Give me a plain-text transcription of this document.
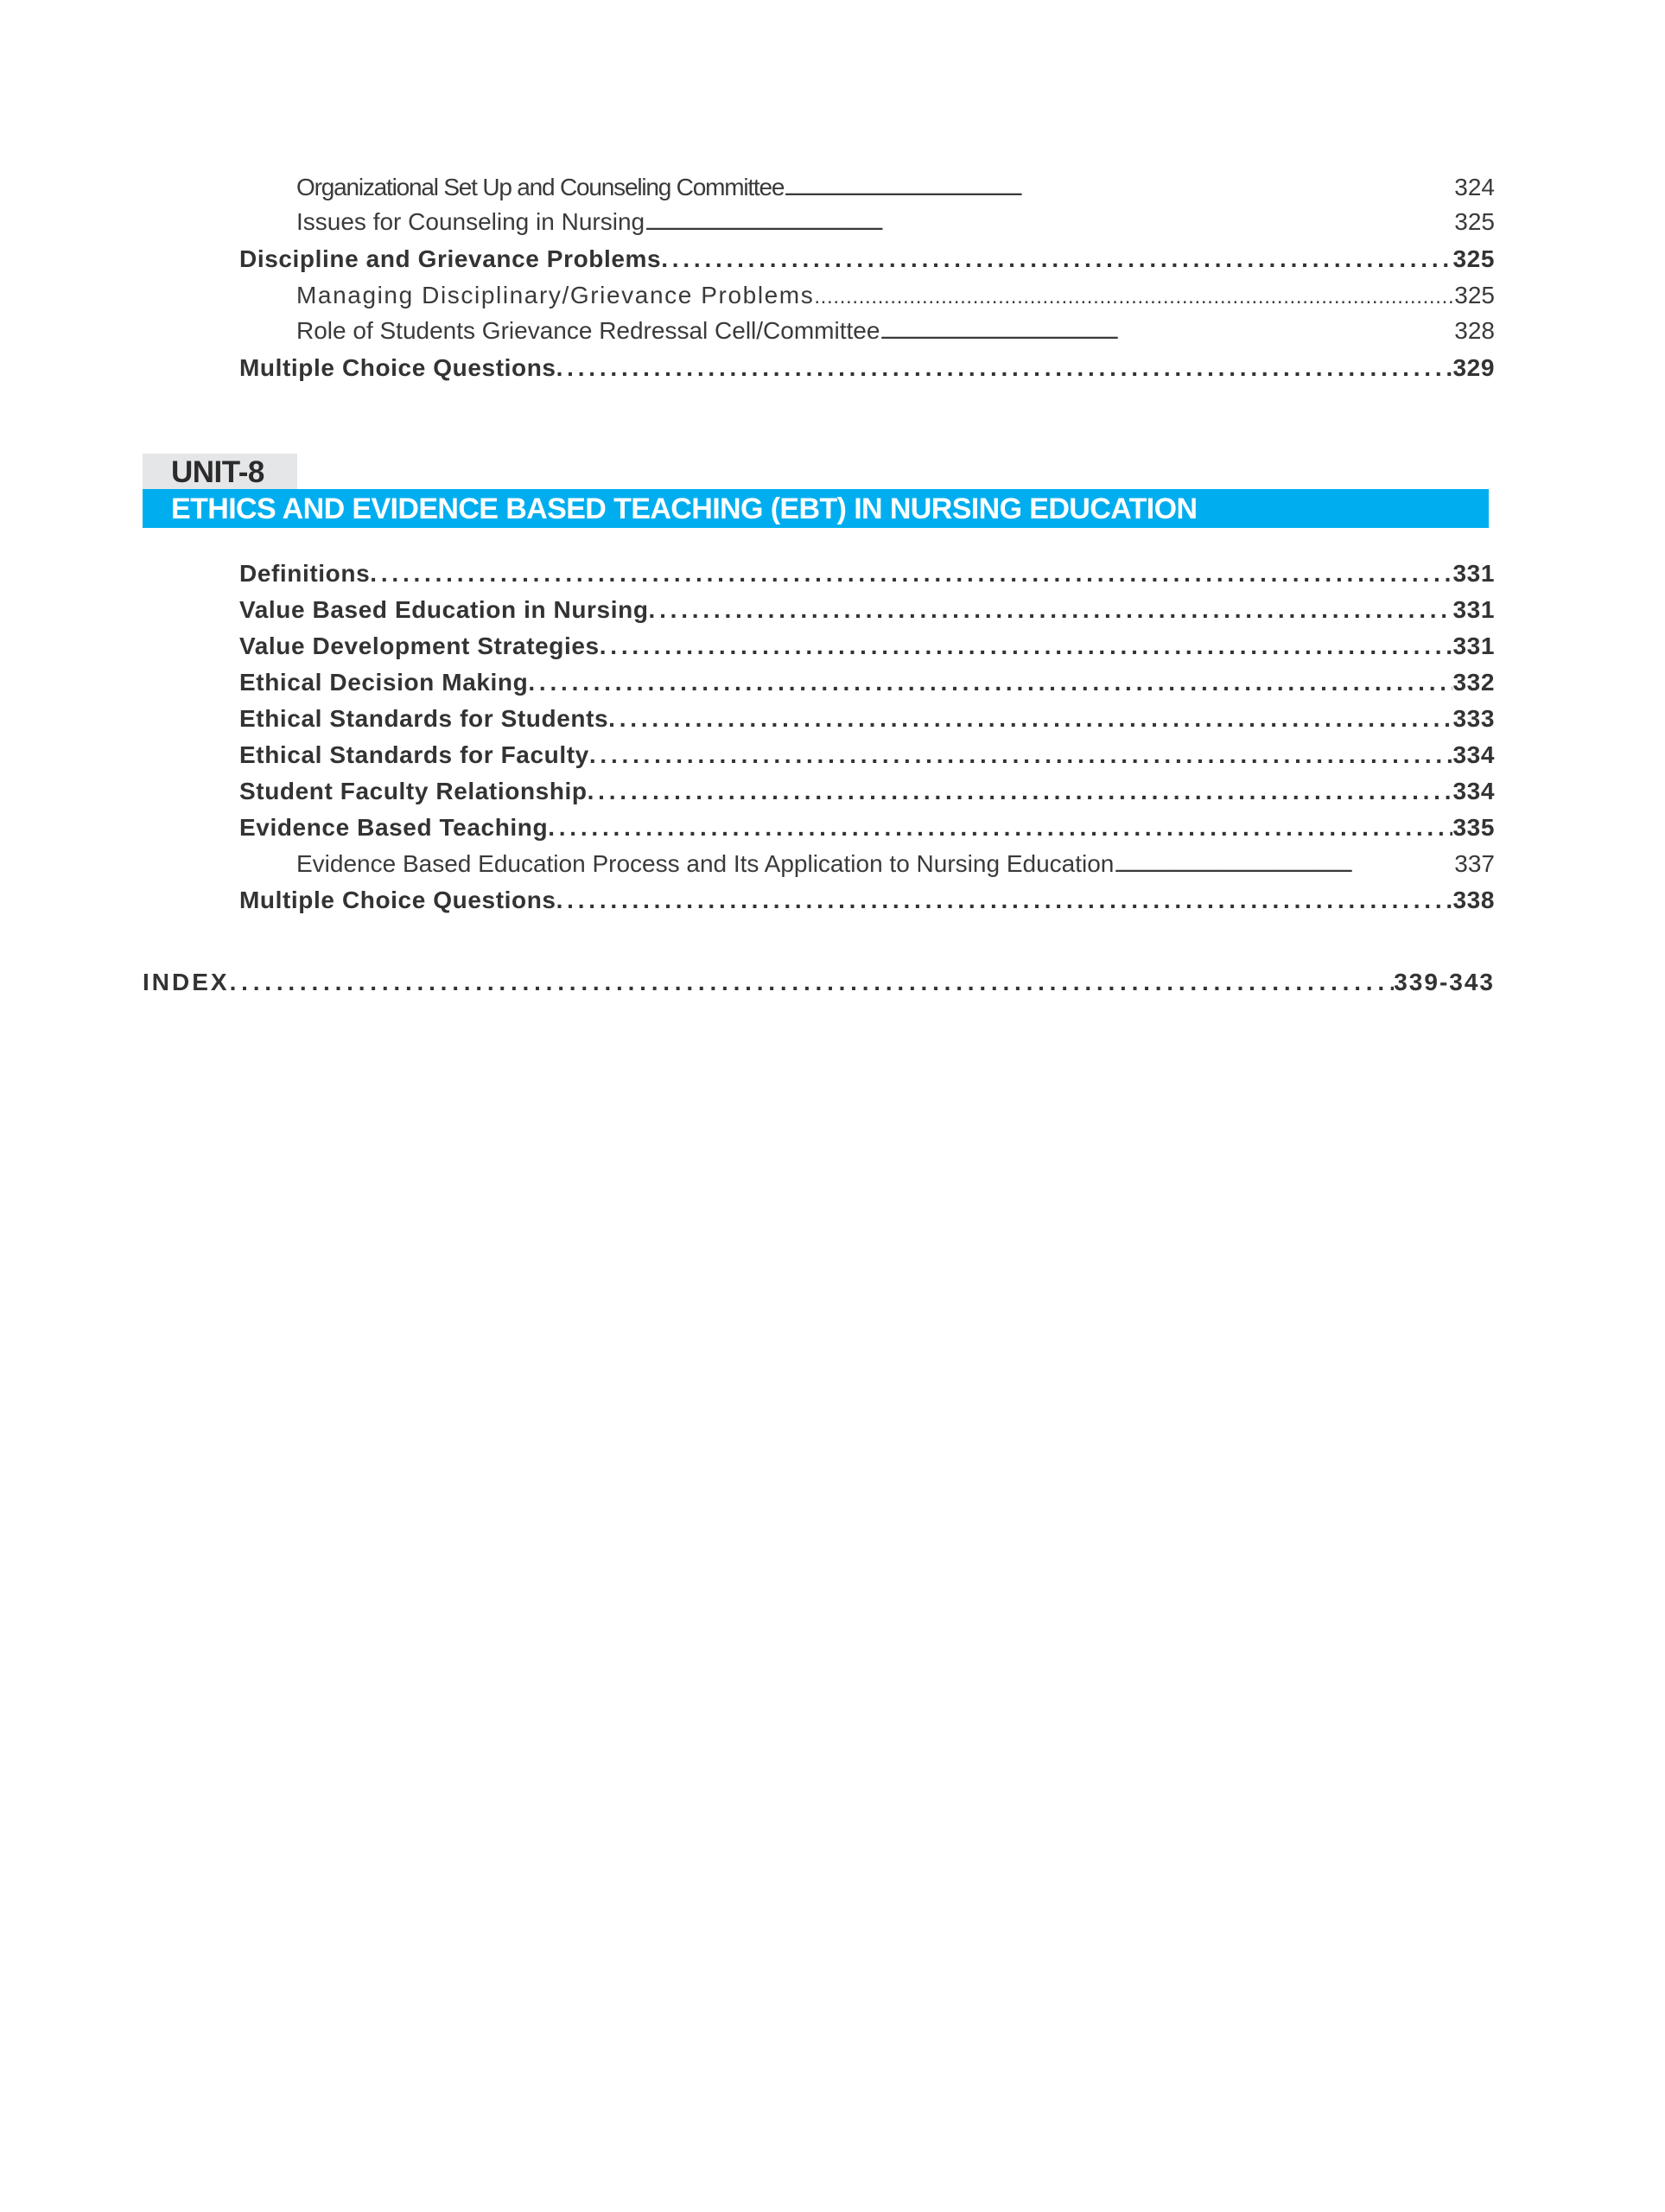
Organizational Set Up and Counseling Committee . . .	324
Issues for Counseling in Nursing . . .	325
Discipline and Grievance Problems . . .	325
Managing Disciplinary/Grievance Problems . . .	325
Role of Students Grievance Redressal Cell/Committee . . .	328
Multiple Choice Questions . . .	329
UNIT-8
ETHICS AND EVIDENCE BASED TEACHING (EBT) IN NURSING EDUCATION
Definitions . . .	331
Value Based Education in Nursing . . .	331
Value Development Strategies . . .	331
Ethical Decision Making . . .	332
Ethical Standards for Students . . .	333
Ethical Standards for Faculty . . .	334
Student Faculty Relationship . . .	334
Evidence Based Teaching . . .	335
Evidence Based Education Process and Its Application to Nursing Education . . .	337
Multiple Choice Questions . . .	338
INDEX . . .	339-343
